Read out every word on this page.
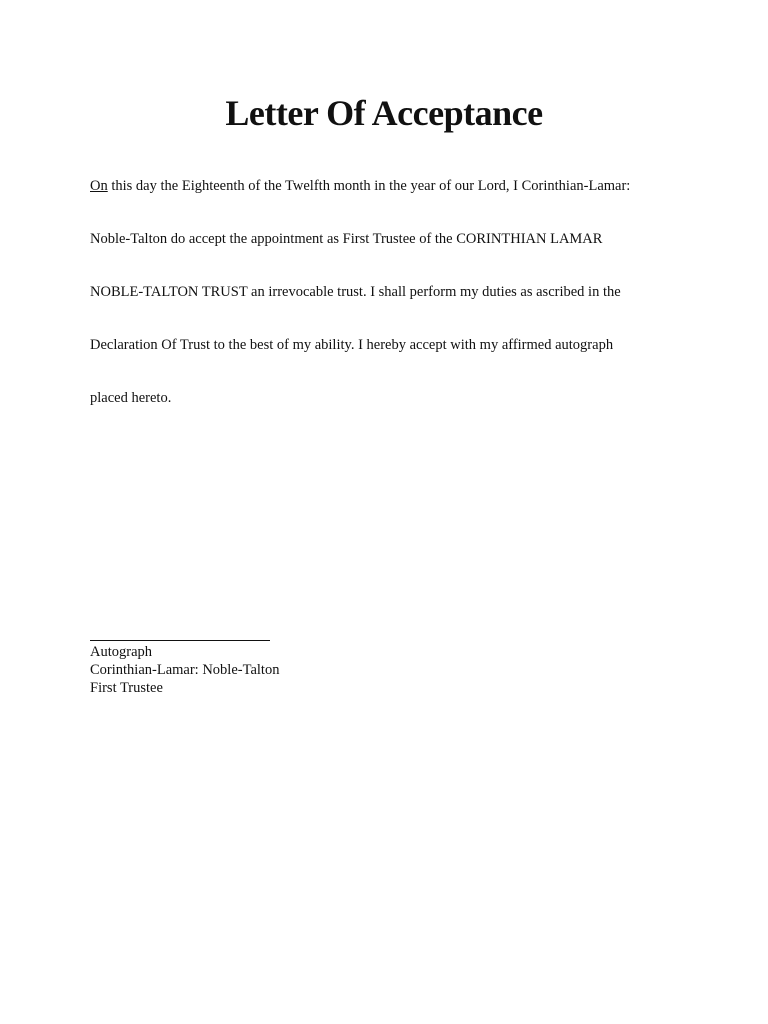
Letter Of Acceptance
On this day the Eighteenth of the Twelfth month in the year of our Lord, I Corinthian-Lamar:
Noble-Talton do accept the appointment as First Trustee of the CORINTHIAN LAMAR
NOBLE-TALTON TRUST an irrevocable trust. I shall perform my duties as ascribed in the
Declaration Of Trust to the best of my ability. I hereby accept with my affirmed autograph
placed hereto.
Autograph
Corinthian-Lamar: Noble-Talton
First Trustee
